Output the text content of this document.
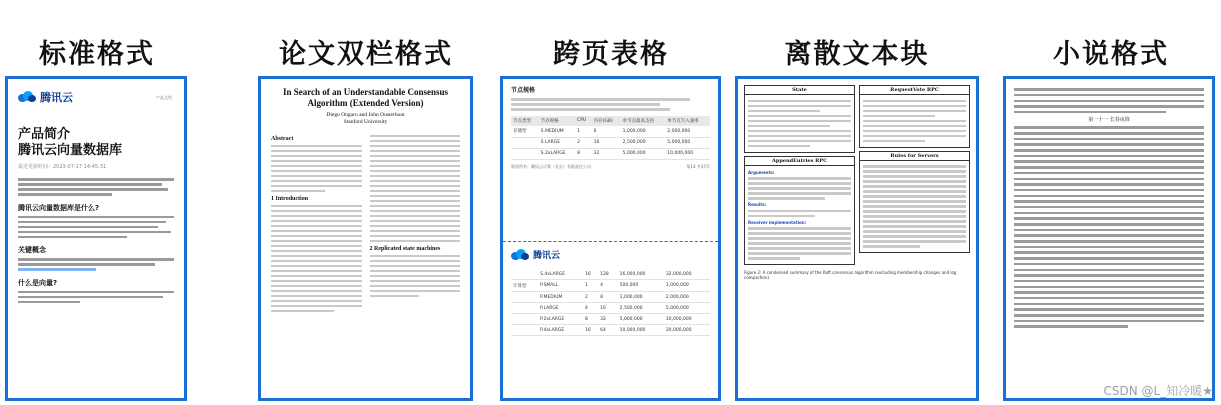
标准格式	论文双栏格式	跨页表格	离散文本块	小说格式
腾讯云	产品文档
产品简介
腾讯云向量数据库
最近更新时间：2023-07-17 14:45:31
腾讯云向量数据库是什么?
关键概念
什么是向量?
In Search of an Understandable Consensus Algorithm (Extended Version)
Diego Ongaro and John Ousterhout
Stanford University
Abstract
1 Introduction
2 Replicated state machines
节点规格
节点类型	节点规格	CPU	内存(GB)	单节点最高支持	单节点写入速率
存储型	S.MEDIUM	1	6	1,000,000	2,000,000
	S.LARGE	2	16	2,500,000	5,000,000
	S.2xLARGE	8	32	5,000,000	10,000,000
版权所有：腾讯云计算（北京）有限责任公司	第14 共37页
腾讯云
	S.4xLARGE	16	128	16,000,000	32,000,000
计算型	P.SMALL	1	4	500,000	1,000,000
	P.MEDIUM	2	8	1,000,000	2,000,000
	P.LARGE	4	16	2,500,000	5,000,000
	P.2xLARGE	8	32	5,000,000	10,000,000
	P.4xLARGE	16	64	10,000,000	20,000,000
State
AppendEntries RPC
Arguments:
Results:
Receiver implementation:
RequestVote RPC
Rules for Servers
Figure 2: A condensed summary of the Raft consensus algorithm (excluding membership changes and log compaction).
第一十一 长春夜降
CSDN @L_知冷暖★
